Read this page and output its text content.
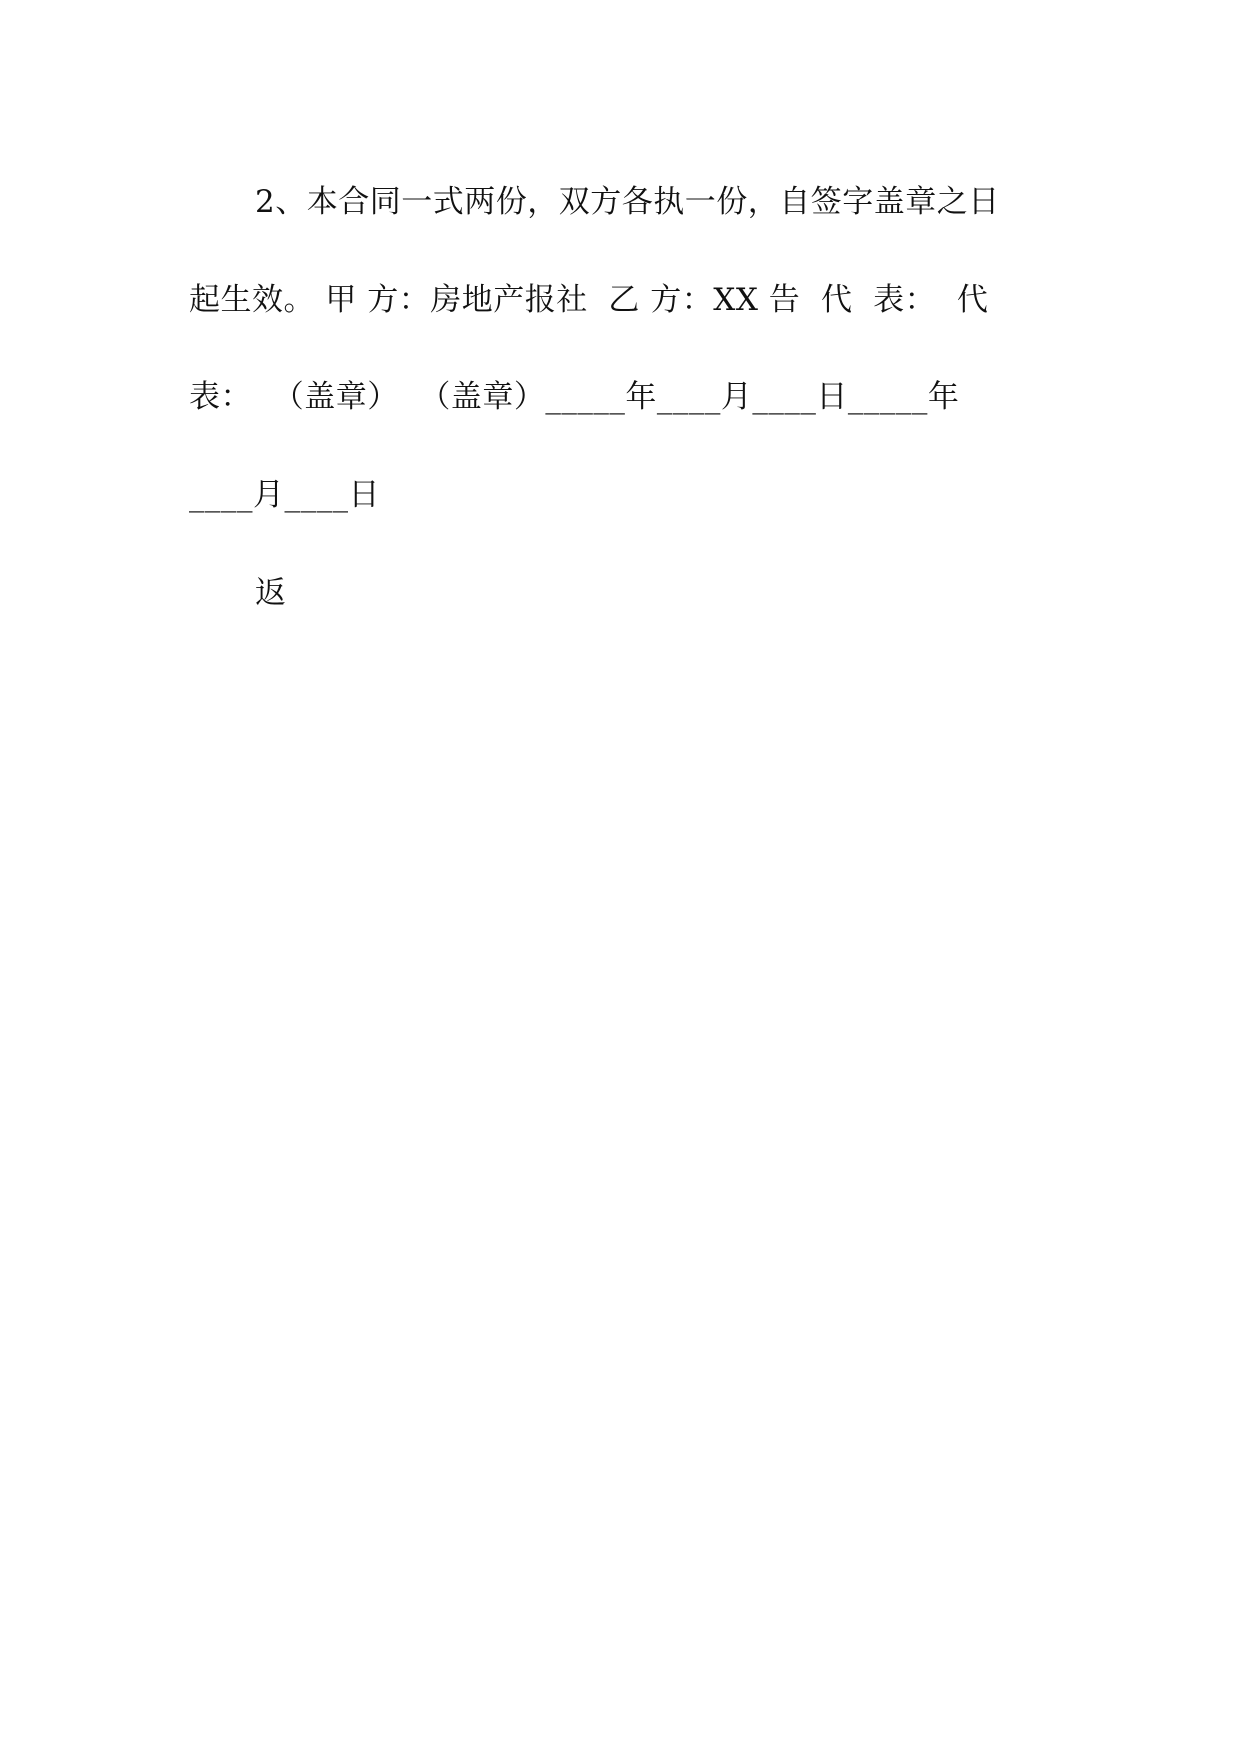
2、本合同一式两份，双方各执一份，自签字盖章之日
起生效。 甲 方：房地产报社  乙 方：XX 告  代  表：  代
表：  （盖章）  （盖章）_____年____月____日_____年
____月____日
返
